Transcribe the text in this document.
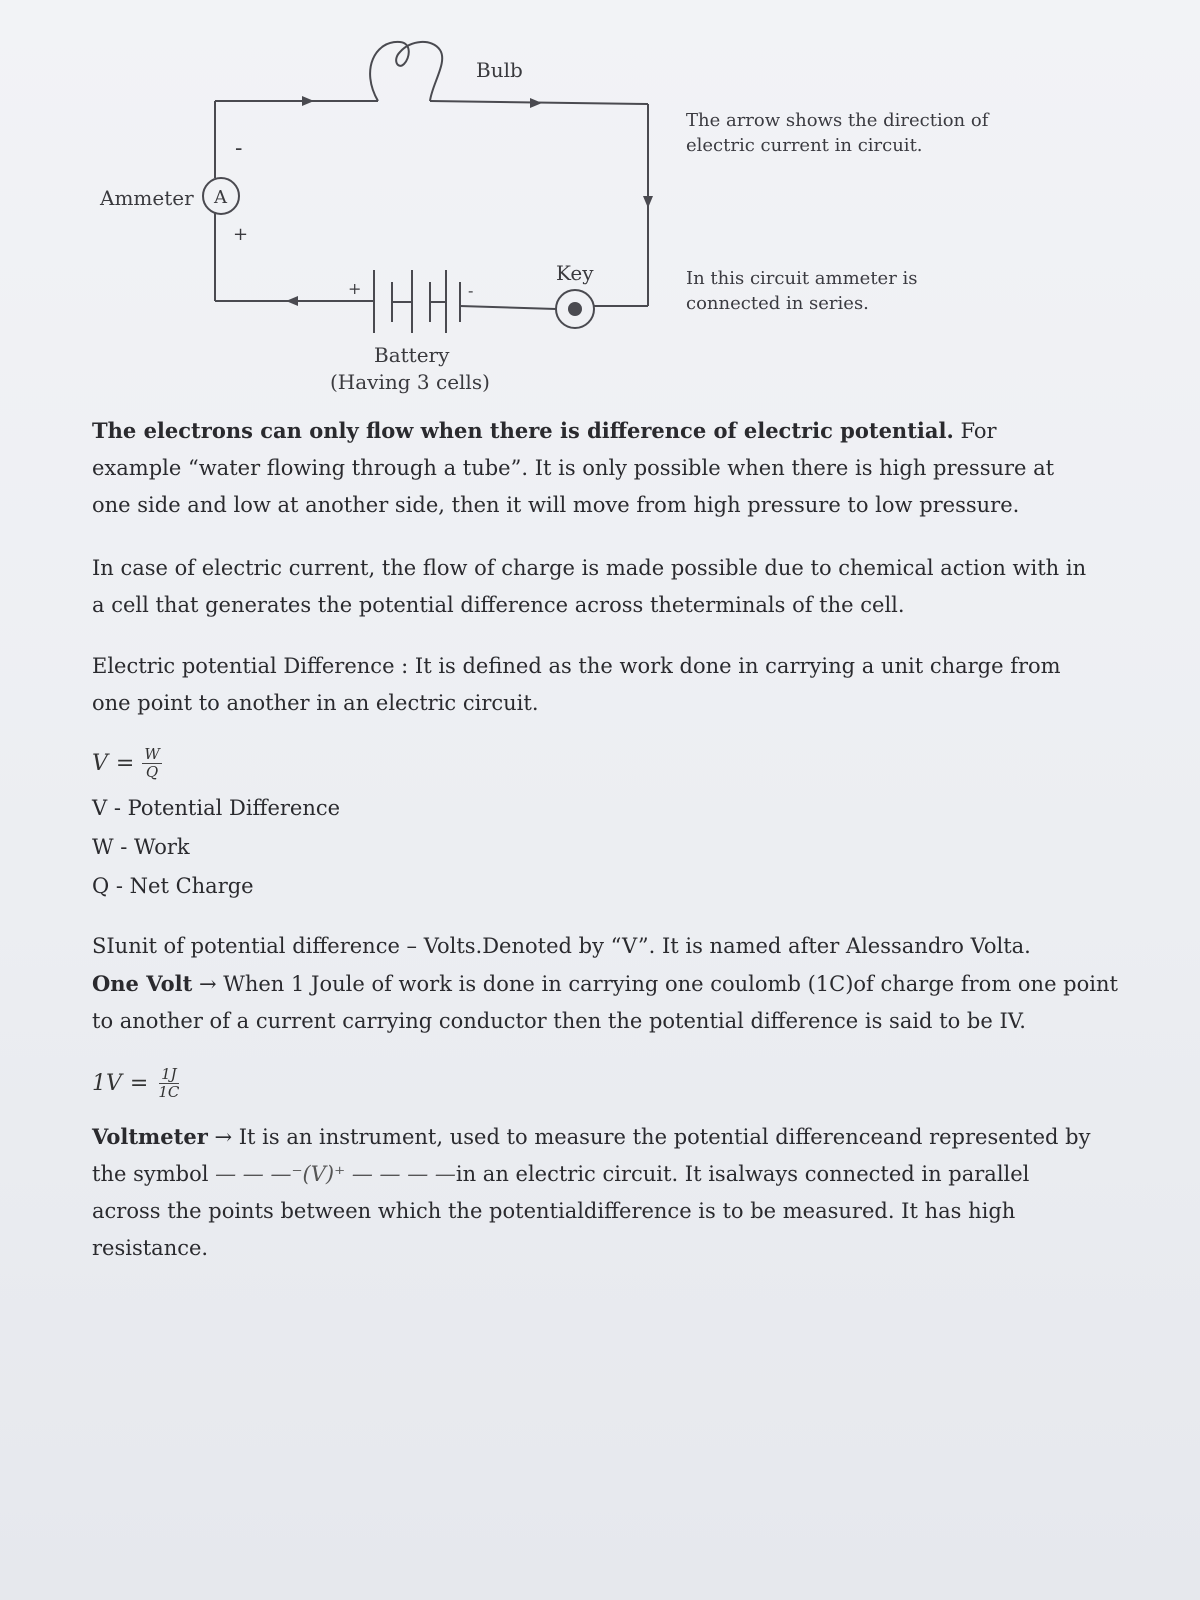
Bulb
Ammeter A
-
+
+	-
Key
Battery
(Having 3 cells)
The arrow shows the direction of electric current in circuit.
In this circuit ammeter is connected in series.
The electrons can only flow when there is difference of electric potential. For example “water flowing through a tube”. It is only possible when there is high pressure at one side and low at another side, then it will move from high pressure to low pressure.
In case of electric current, the flow of charge is made possible due to chemical action with in a cell that generates the potential difference across theterminals of the cell.
Electric potential Difference : It is defined as the work done in carrying a unit charge from one point to another in an electric circuit.
$V = \frac{W}{Q}$
V - Potential Difference
W - Work
Q - Net Charge
SIunit of potential difference – Volts.Denoted by “V”. It is named after Alessandro Volta.
One Volt → When 1 Joule of work is done in carrying one coulomb (1C)of charge from one point to another of a current carrying conductor then the potential difference is said to be IV.
$1V = \frac{1J}{1C}$
Voltmeter → It is an instrument, used to measure the potential differenceand represented by the symbol — — —⁻(V)⁺ — — — —in an electric circuit. It isalways connected in parallel across the points between which the potentialdifference is to be measured. It has high resistance.
